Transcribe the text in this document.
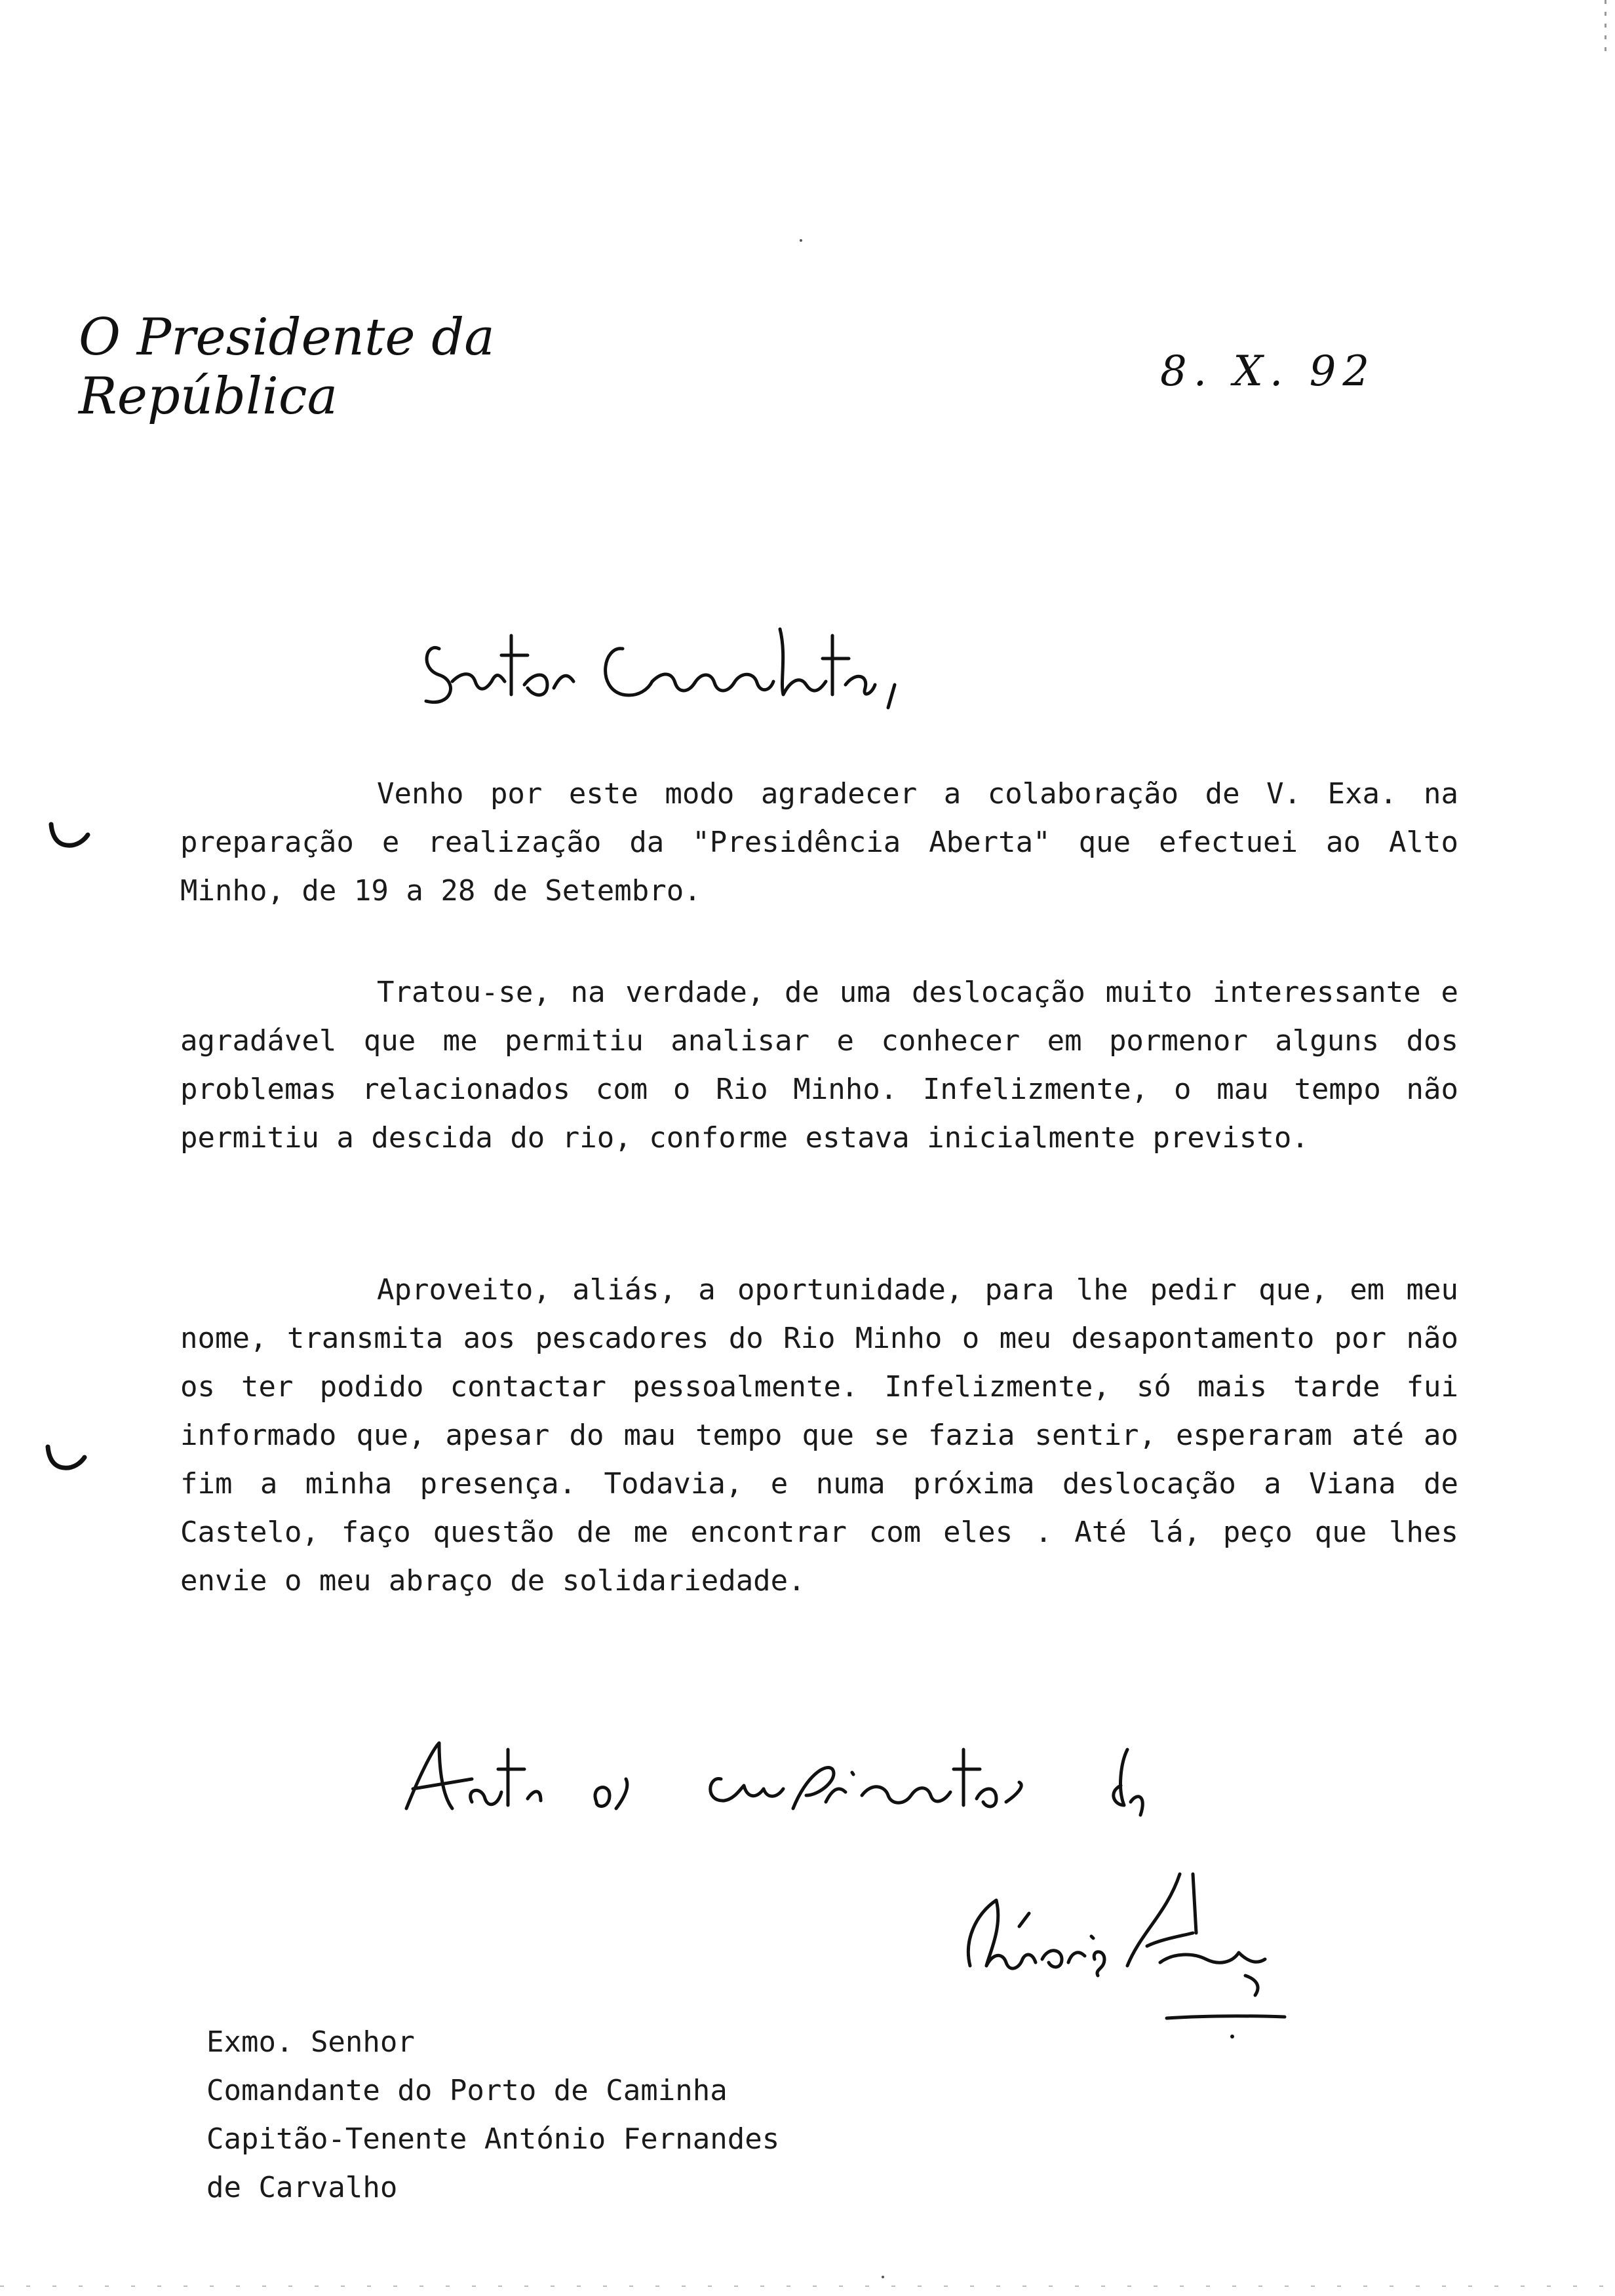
O Presidente da República	8. X. 92

Venho por este modo agradecer a colaboração de V. Exa. na preparação e realização da "Presidência Aberta" que efectuei ao Alto Minho, de 19 a 28 de Setembro.

Tratou-se, na verdade, de uma deslocação muito interessante e agradável que me permitiu analisar e conhecer em pormenor alguns dos problemas relacionados com o Rio Minho. Infelizmente, o mau tempo não permitiu a descida do rio, conforme estava inicialmente previsto.

Aproveito, aliás, a oportunidade, para lhe pedir que, em meu nome, transmita aos pescadores do Rio Minho o meu desapontamento por não os ter podido contactar pessoalmente. Infelizmente, só mais tarde fui informado que, apesar do mau tempo que se fazia sentir, esperaram até ao fim a minha presença. Todavia, e numa próxima deslocação a Viana de Castelo, faço questão de me encontrar com eles . Até lá, peço que lhes envie o meu abraço de solidariedade.

Exmo. Senhor
Comandante do Porto de Caminha
Capitão-Tenente António Fernandes
de Carvalho
